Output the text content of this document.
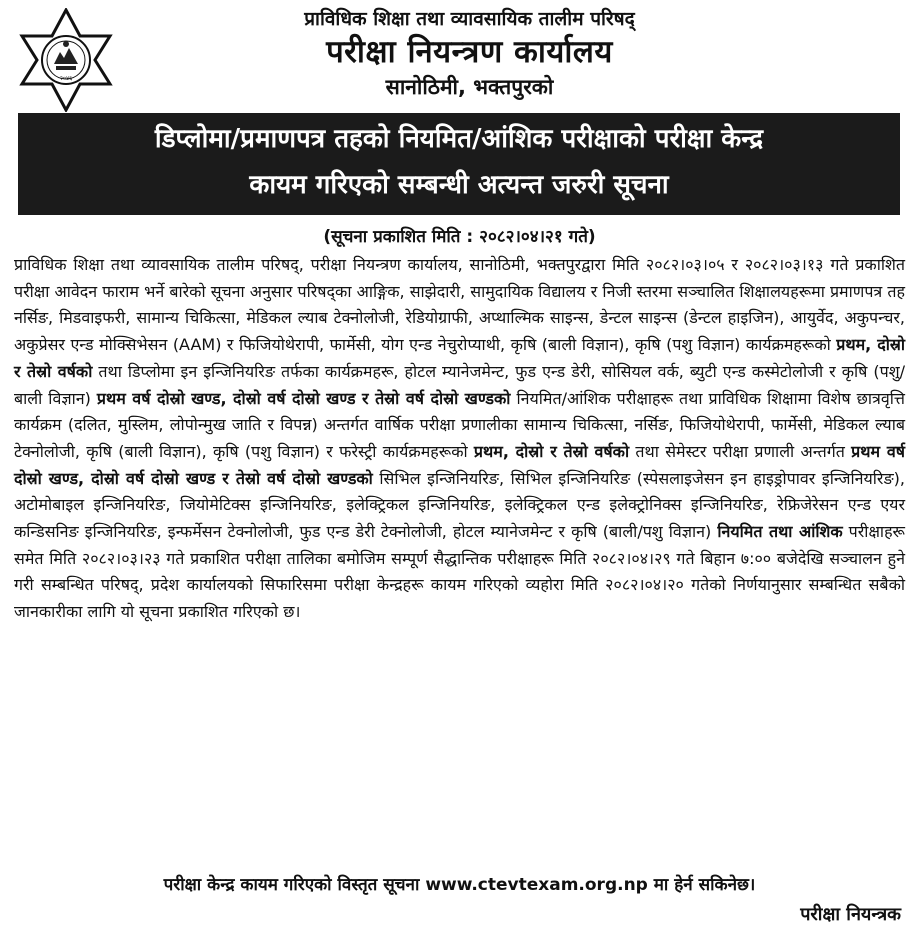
२०४६
प्राविधिक शिक्षा तथा व्यावसायिक तालीम परिषद्
परीक्षा नियन्त्रण कार्यालय
सानोठिमी, भक्तपुरको
डिप्लोमा/प्रमाणपत्र तहको नियमित/आंशिक परीक्षाको परीक्षा केन्द्र
कायम गरिएको सम्बन्धी अत्यन्त जरुरी सूचना
(सूचना प्रकाशित मिति : २०८२।०४।२१ गते)
प्राविधिक शिक्षा तथा व्यावसायिक तालीम परिषद्, परीक्षा नियन्त्रण कार्यालय, सानोठिमी, भक्तपुरद्वारा मिति २०८२।०३।०५ र २०८२।०३।१३ गते प्रकाशित परीक्षा आवेदन फाराम भर्ने बारेको सूचना अनुसार परिषद्का आङ्गिक, साझेदारी, सामुदायिक विद्यालय र निजी स्तरमा सञ्चालित शिक्षालयहरूमा प्रमाणपत्र तह नर्सिङ, मिडवाइफरी, सामान्य चिकित्सा, मेडिकल ल्याब टेक्नोलोजी, रेडियोग्राफी, अप्थाल्मिक साइन्स, डेन्टल साइन्स (डेन्टल हाइजिन), आयुर्वेद, अकुपन्चर, अकुप्रेसर एन्ड मोक्सिभेसन (AAM) र फिजियोथेरापी, फार्मेसी, योग एन्ड नेचुरोप्याथी, कृषि (बाली विज्ञान), कृषि (पशु विज्ञान) कार्यक्रमहरूको प्रथम, दोस्रो र तेस्रो वर्षको तथा डिप्लोमा इन इन्जिनियरिङ तर्फका कार्यक्रमहरू, होटल म्यानेजमेन्ट, फुड एन्ड डेरी, सोसियल वर्क, ब्युटी एन्ड कस्मेटोलोजी र कृषि (पशु/बाली विज्ञान) प्रथम वर्ष दोस्रो खण्ड, दोस्रो वर्ष दोस्रो खण्ड र तेस्रो वर्ष दोस्रो खण्डको नियमित/आंशिक परीक्षाहरू तथा प्राविधिक शिक्षामा विशेष छात्रवृत्ति कार्यक्रम (दलित, मुस्लिम, लोपोन्मुख जाति र विपन्न) अन्तर्गत वार्षिक परीक्षा प्रणालीका सामान्य चिकित्सा, नर्सिङ, फिजियोथेरापी, फार्मेसी, मेडिकल ल्याब टेक्नोलोजी, कृषि (बाली विज्ञान), कृषि (पशु विज्ञान) र फरेस्ट्री कार्यक्रमहरूको प्रथम, दोस्रो र तेस्रो वर्षको तथा सेमेस्टर परीक्षा प्रणाली अन्तर्गत प्रथम वर्ष दोस्रो खण्ड, दोस्रो वर्ष दोस्रो खण्ड र तेस्रो वर्ष दोस्रो खण्डको सिभिल इन्जिनियरिङ, सिभिल इन्जिनियरिङ (स्पेसलाइजेसन इन हाइड्रोपावर इन्जिनियरिङ), अटोमोबाइल इन्जिनियरिङ, जियोमेटिक्स इन्जिनियरिङ, इलेक्ट्रिकल इन्जिनियरिङ, इलेक्ट्रिकल एन्ड इलेक्ट्रोनिक्स इन्जिनियरिङ, रेफ्रिजेरेसन एन्ड एयर कन्डिसनिङ इन्जिनियरिङ, इन्फर्मेसन टेक्नोलोजी, फुड एन्ड डेरी टेक्नोलोजी, होटल म्यानेजमेन्ट र कृषि (बाली/पशु विज्ञान) नियमित तथा आंशिक परीक्षाहरू समेत मिति २०८२।०३।२३ गते प्रकाशित परीक्षा तालिका बमोजिम सम्पूर्ण सैद्धान्तिक परीक्षाहरू मिति २०८२।०४।२९ गते बिहान ७:०० बजेदेखि सञ्चालन हुने गरी सम्बन्धित परिषद्, प्रदेश कार्यालयको सिफारिसमा परीक्षा केन्द्रहरू कायम गरिएको व्यहोरा मिति २०८२।०४।२० गतेको निर्णयानुसार सम्बन्धित सबैको जानकारीका लागि यो सूचना प्रकाशित गरिएको छ।
परीक्षा केन्द्र कायम गरिएको विस्तृत सूचना www.ctevtexam.org.np मा हेर्न सकिनेछ।
परीक्षा नियन्त्रक
